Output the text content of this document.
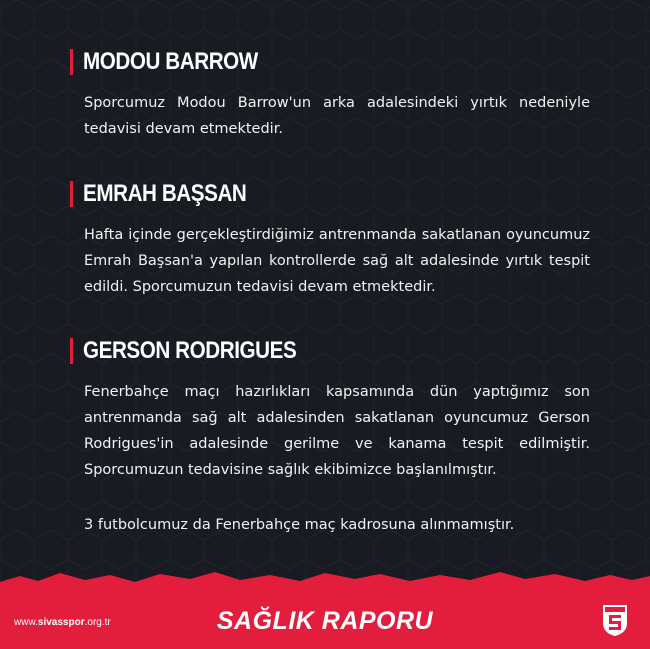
MODOU BARROW
Sporcumuz Modou Barrow'un arka adalesindeki yırtık nedeniyle tedavisi devam etmektedir.
EMRAH BAŞSAN
Hafta içinde gerçekleştirdiğimiz antrenmanda sakatlanan oyuncumuz Emrah Başsan'a yapılan kontrollerde sağ alt adalesinde yırtık tespit edildi. Sporcumuzun tedavisi devam etmektedir.
GERSON RODRIGUES
Fenerbahçe maçı hazırlıkları kapsamında dün yaptığımız son antrenmanda sağ alt adalesinden sakatlanan oyuncumuz Gerson Rodrigues'in adalesinde gerilme ve kanama tespit edilmiştir. Sporcumuzun tedavisine sağlık ekibimizce başlanılmıştır.
3 futbolcumuz da Fenerbahçe maç kadrosuna alınmamıştır.
www.sivasspor.org.tr	SAĞLIK RAPORU
